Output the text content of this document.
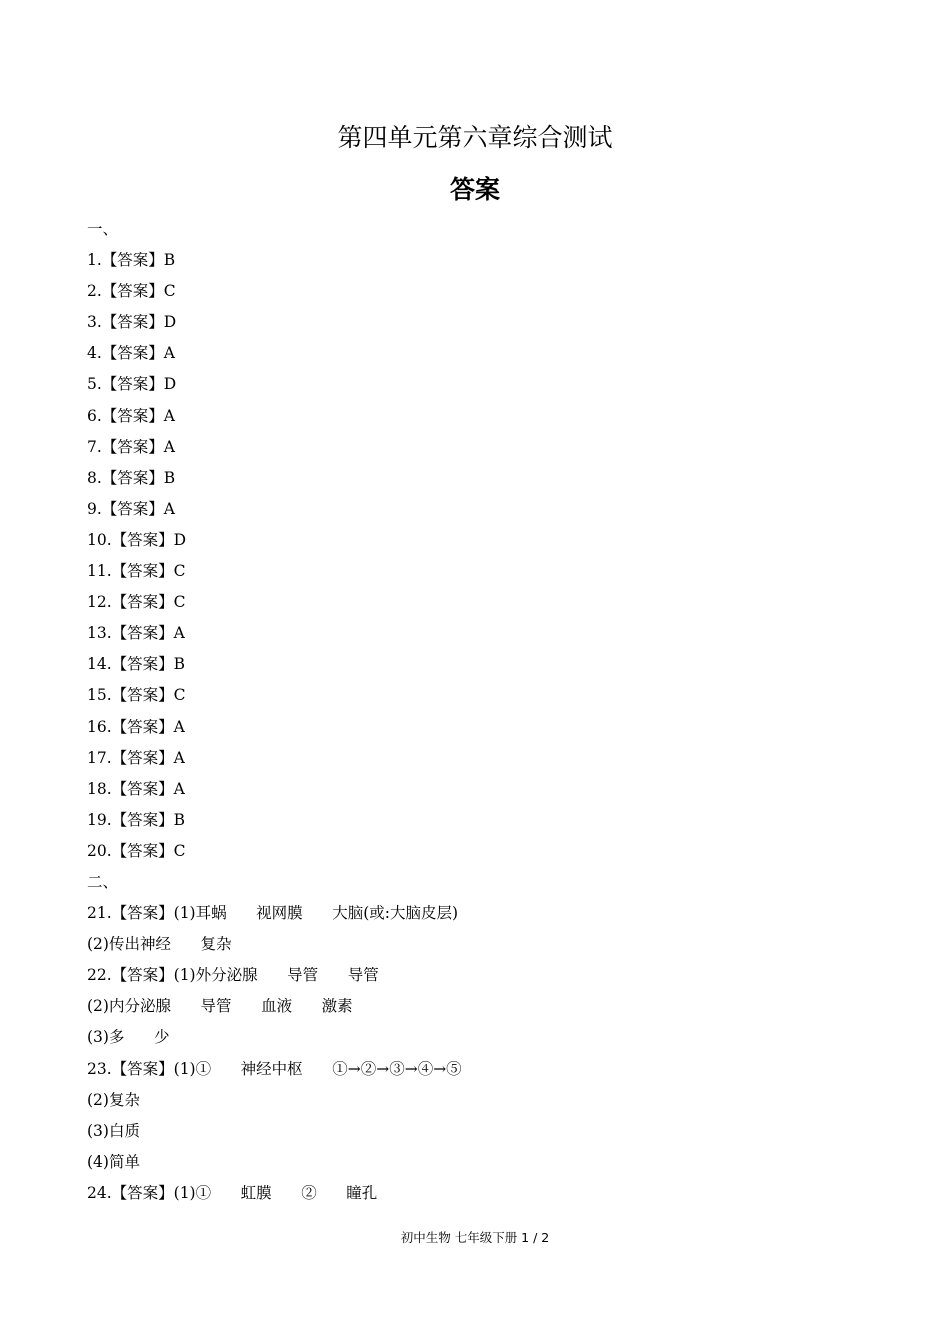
第四单元第六章综合测试
答案
一、
1.【答案】B
2.【答案】C
3.【答案】D
4.【答案】A
5.【答案】D
6.【答案】A
7.【答案】A
8.【答案】B
9.【答案】A
10.【答案】D
11.【答案】C
12.【答案】C
13.【答案】A
14.【答案】B
15.【答案】C
16.【答案】A
17.【答案】A
18.【答案】A
19.【答案】B
20.【答案】C
二、
21.【答案】(1)耳蜗      视网膜      大脑(或:大脑皮层)
(2)传出神经      复杂
22.【答案】(1)外分泌腺      导管      导管
(2)内分泌腺      导管      血液      激素
(3)多      少
23.【答案】(1)①      神经中枢      ①→②→③→④→⑤
(2)复杂
(3)白质
(4)简单
24.【答案】(1)①      虹膜      ②      瞳孔
初中生物 七年级下册 1 / 2
